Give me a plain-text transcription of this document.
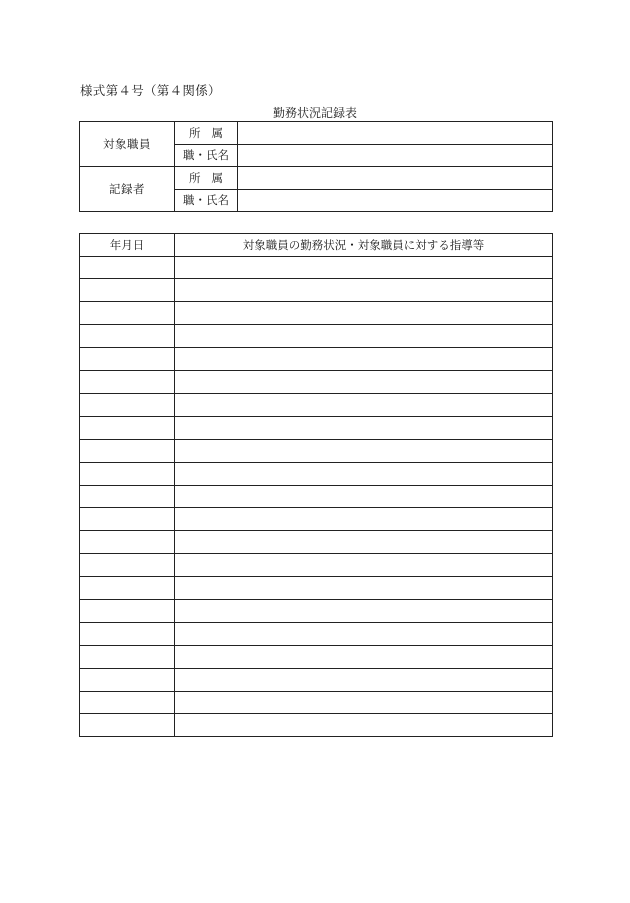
様式第４号（第４関係）
勤務状況記録表
対象職員	所属	
	職・氏名	
記録者	所属	
	職・氏名	
年月日	対象職員の勤務状況・対象職員に対する指導等
